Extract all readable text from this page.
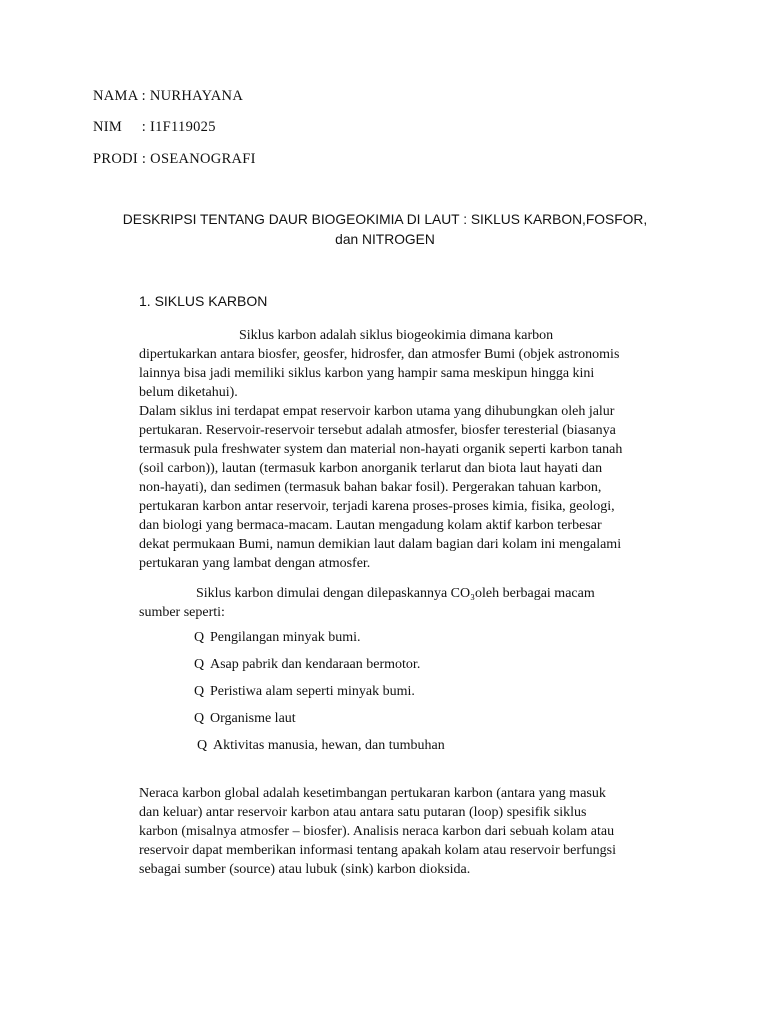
NAMA : NURHAYANA
NIM     : I1F119025
PRODI : OSEANOGRAFI
DESKRIPSI TENTANG DAUR BIOGEOKIMIA DI LAUT : SIKLUS KARBON,FOSFOR,
dan NITROGEN
1. SIKLUS KARBON
Siklus karbon adalah siklus biogeokimia dimana karbon
dipertukarkan antara biosfer, geosfer, hidrosfer, dan atmosfer Bumi (objek astronomis
lainnya bisa jadi memiliki siklus karbon yang hampir sama meskipun hingga kini
belum diketahui).
Dalam siklus ini terdapat empat reservoir karbon utama yang dihubungkan oleh jalur
pertukaran. Reservoir-reservoir tersebut adalah atmosfer, biosfer teresterial (biasanya
termasuk pula freshwater system dan material non-hayati organik seperti karbon tanah
(soil carbon)), lautan (termasuk karbon anorganik terlarut dan biota laut hayati dan
non-hayati), dan sedimen (termasuk bahan bakar fosil). Pergerakan tahuan karbon,
pertukaran karbon antar reservoir, terjadi karena proses-proses kimia, fisika, geologi,
dan biologi yang bermaca-macam. Lautan mengadung kolam aktif karbon terbesar
dekat permukaan Bumi, namun demikian laut dalam bagian dari kolam ini mengalami
pertukaran yang lambat dengan atmosfer.
Siklus karbon dimulai dengan dilepaskannya CO₃oleh berbagai macam
sumber seperti:
Q Pengilangan minyak bumi.
Q Asap pabrik dan kendaraan bermotor.
Q Peristiwa alam seperti minyak bumi.
Q Organisme laut
Q Aktivitas manusia, hewan, dan tumbuhan
Neraca karbon global adalah kesetimbangan pertukaran karbon (antara yang masuk
dan keluar) antar reservoir karbon atau antara satu putaran (loop) spesifik siklus
karbon (misalnya atmosfer – biosfer). Analisis neraca karbon dari sebuah kolam atau
reservoir dapat memberikan informasi tentang apakah kolam atau reservoir berfungsi
sebagai sumber (source) atau lubuk (sink) karbon dioksida.
